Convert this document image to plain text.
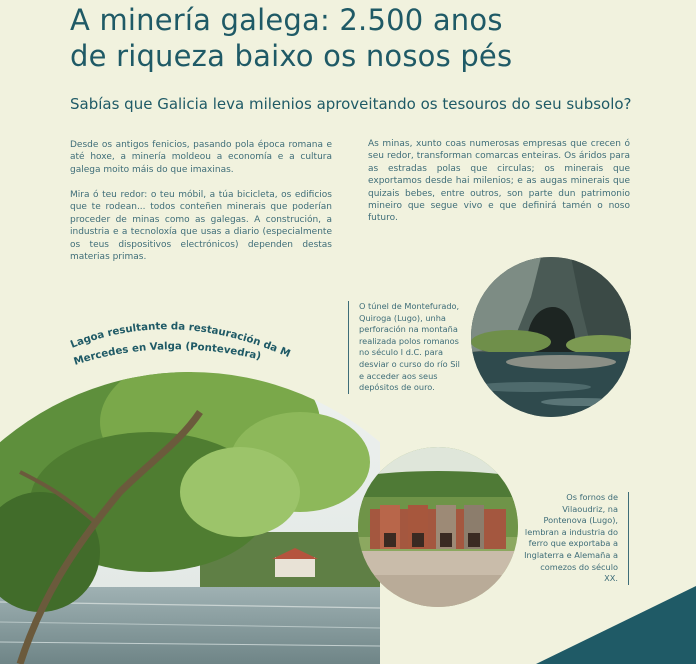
A minería galega: 2.500 anos
de riqueza baixo os nosos pés
Sabías que Galicia leva milenios aproveitando os tesouros do seu subsolo?

Desde os antigos fenicios, pasando pola época romana e até hoxe, a minería moldeou a economía e a cultura galega moito máis do que imaxinas.

Mira ó teu redor: o teu móbil, a túa bicicleta, os edificios que te rodean... todos conteñen minerais que poderían proceder de minas como as galegas. A construción, a industria e a tecnoloxía que usas a diario (especialmente os teus dispositivos electrónicos) dependen destas materias primas.

As minas, xunto coas numerosas empresas que crecen ó seu redor, transforman comarcas enteiras. Os áridos para as estradas polas que circulas; os minerais que exportamos desde hai milenios; e as augas minerais que quizais bebes, entre outros, son parte dun patrimonio mineiro que segue vivo e que definirá tamén o noso futuro.

Lagoa resultante da restauración da Mina
Mercedes en Valga (Pontevedra)

O túnel de Montefurado, Quiroga (Lugo), unha perforación na montaña realizada polos romanos no século I d.C. para desviar o curso do río Sil e acceder aos seus depósitos de ouro.

Os fornos de Vilaoudriz, na Pontenova (Lugo), lembran a industria do ferro que exportaba a Inglaterra e Alemaña a comezos do século XX.
